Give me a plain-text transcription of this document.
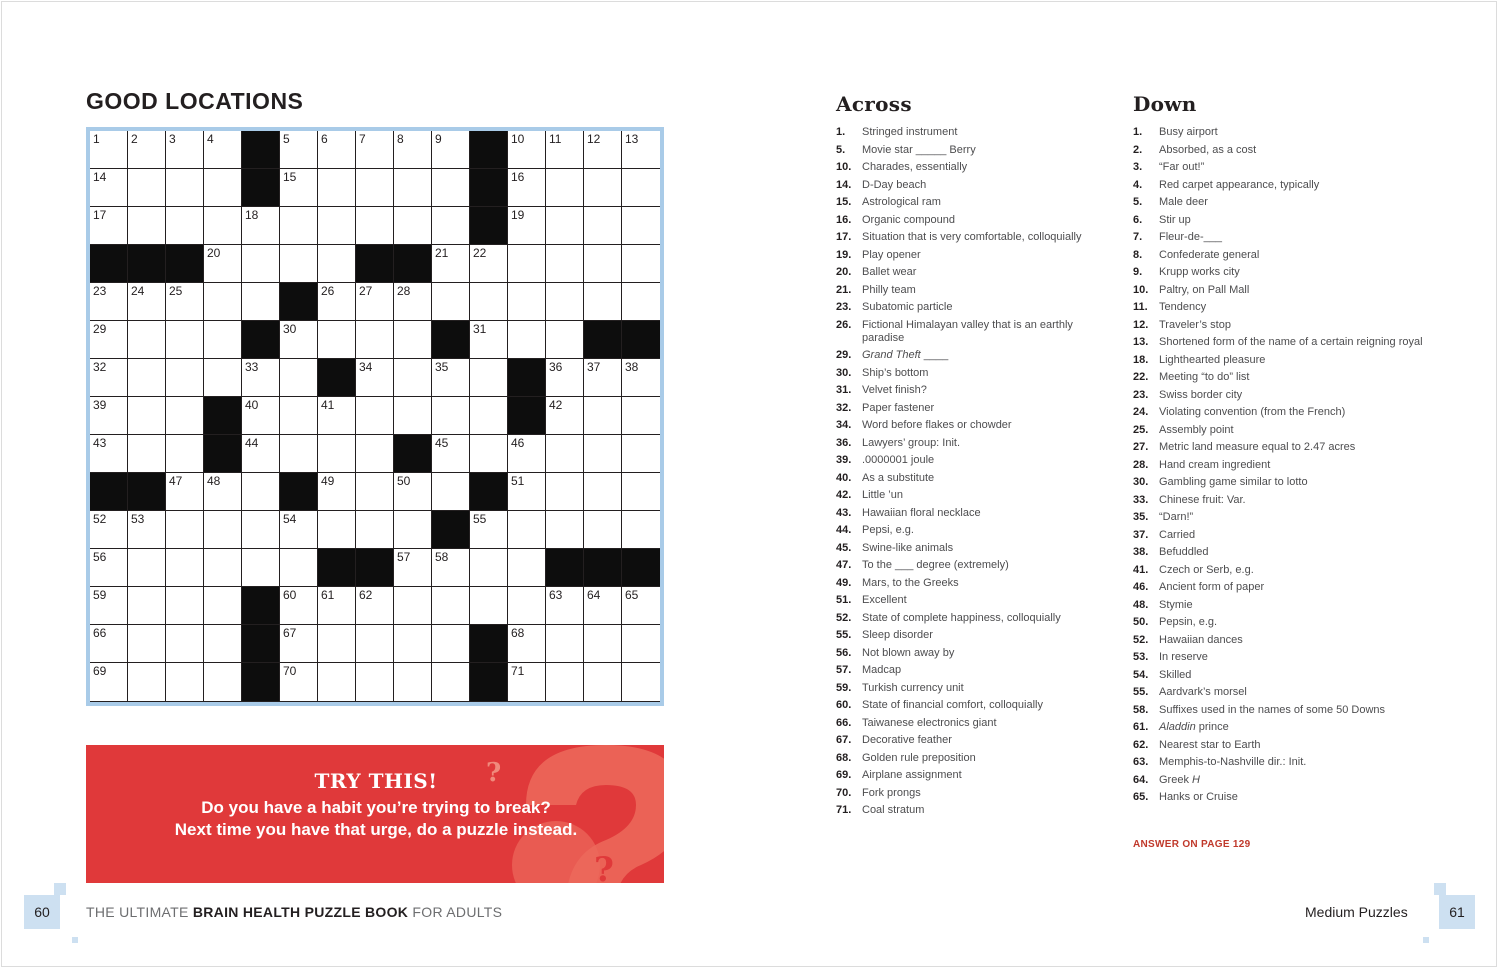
GOOD LOCATIONS
1	2	3	4	5	6	7	8	9	10 11 12 13
14	15	16
17	18	19
20	21 22
23 24 25	26 27 28
29	30	31
32	33	34	35	36 37 38
39	40	41	42
43	44	45	46
47 48	49	50	51
52 53	54	55
56	57 58
59	60 61 62	63 64 65
66	67	68
69	70	71
?
?
TRY THIS!
Do you have a habit you’re trying to break?
Next time you have that urge, do a puzzle instead.
Across
1. Stringed instrument
5. Movie star _____ Berry
10. Charades, essentially
14. D-Day beach
15. Astrological ram
16. Organic compound
17. Situation that is very comfortable, colloquially
19. Play opener
20. Ballet wear
21. Philly team
23. Subatomic particle
26. Fictional Himalayan valley that is an earthly paradise
29. Grand Theft ____
30. Ship’s bottom
31. Velvet finish?
32. Paper fastener
34. Word before flakes or chowder
36. Lawyers’ group: Init.
39. .0000001 joule
40. As a substitute
42. Little ’un
43. Hawaiian floral necklace
44. Pepsi, e.g.
45. Swine-like animals
47. To the ___ degree (extremely)
49. Mars, to the Greeks
51. Excellent
52. State of complete happiness, colloquially
55. Sleep disorder
56. Not blown away by
57. Madcap
59. Turkish currency unit
60. State of financial comfort, colloquially
66. Taiwanese electronics giant
67. Decorative feather
68. Golden rule preposition
69. Airplane assignment
70. Fork prongs
71. Coal stratum
Down
1. Busy airport
2. Absorbed, as a cost
3. “Far out!”
4. Red carpet appearance, typically
5. Male deer
6. Stir up
7. Fleur-de-___
8. Confederate general
9. Krupp works city
10. Paltry, on Pall Mall
11. Tendency
12. Traveler’s stop
13. Shortened form of the name of a certain reigning royal
18. Lighthearted pleasure
22. Meeting “to do” list
23. Swiss border city
24. Violating convention (from the French)
25. Assembly point
27. Metric land measure equal to 2.47 acres
28. Hand cream ingredient
30. Gambling game similar to lotto
33. Chinese fruit: Var.
35. “Darn!”
37. Carried
38. Befuddled
41. Czech or Serb, e.g.
46. Ancient form of paper
48. Stymie
50. Pepsin, e.g.
52. Hawaiian dances
53. In reserve
54. Skilled
55. Aardvark’s morsel
58. Suffixes used in the names of some 50 Downs
61. Aladdin prince
62. Nearest star to Earth
63. Memphis-to-Nashville dir.: Init.
64. Greek H
65. Hanks or Cruise
ANSWER ON PAGE 129
60	THE ULTIMATE BRAIN HEALTH PUZZLE BOOK FOR ADULTS	Medium Puzzles	61
